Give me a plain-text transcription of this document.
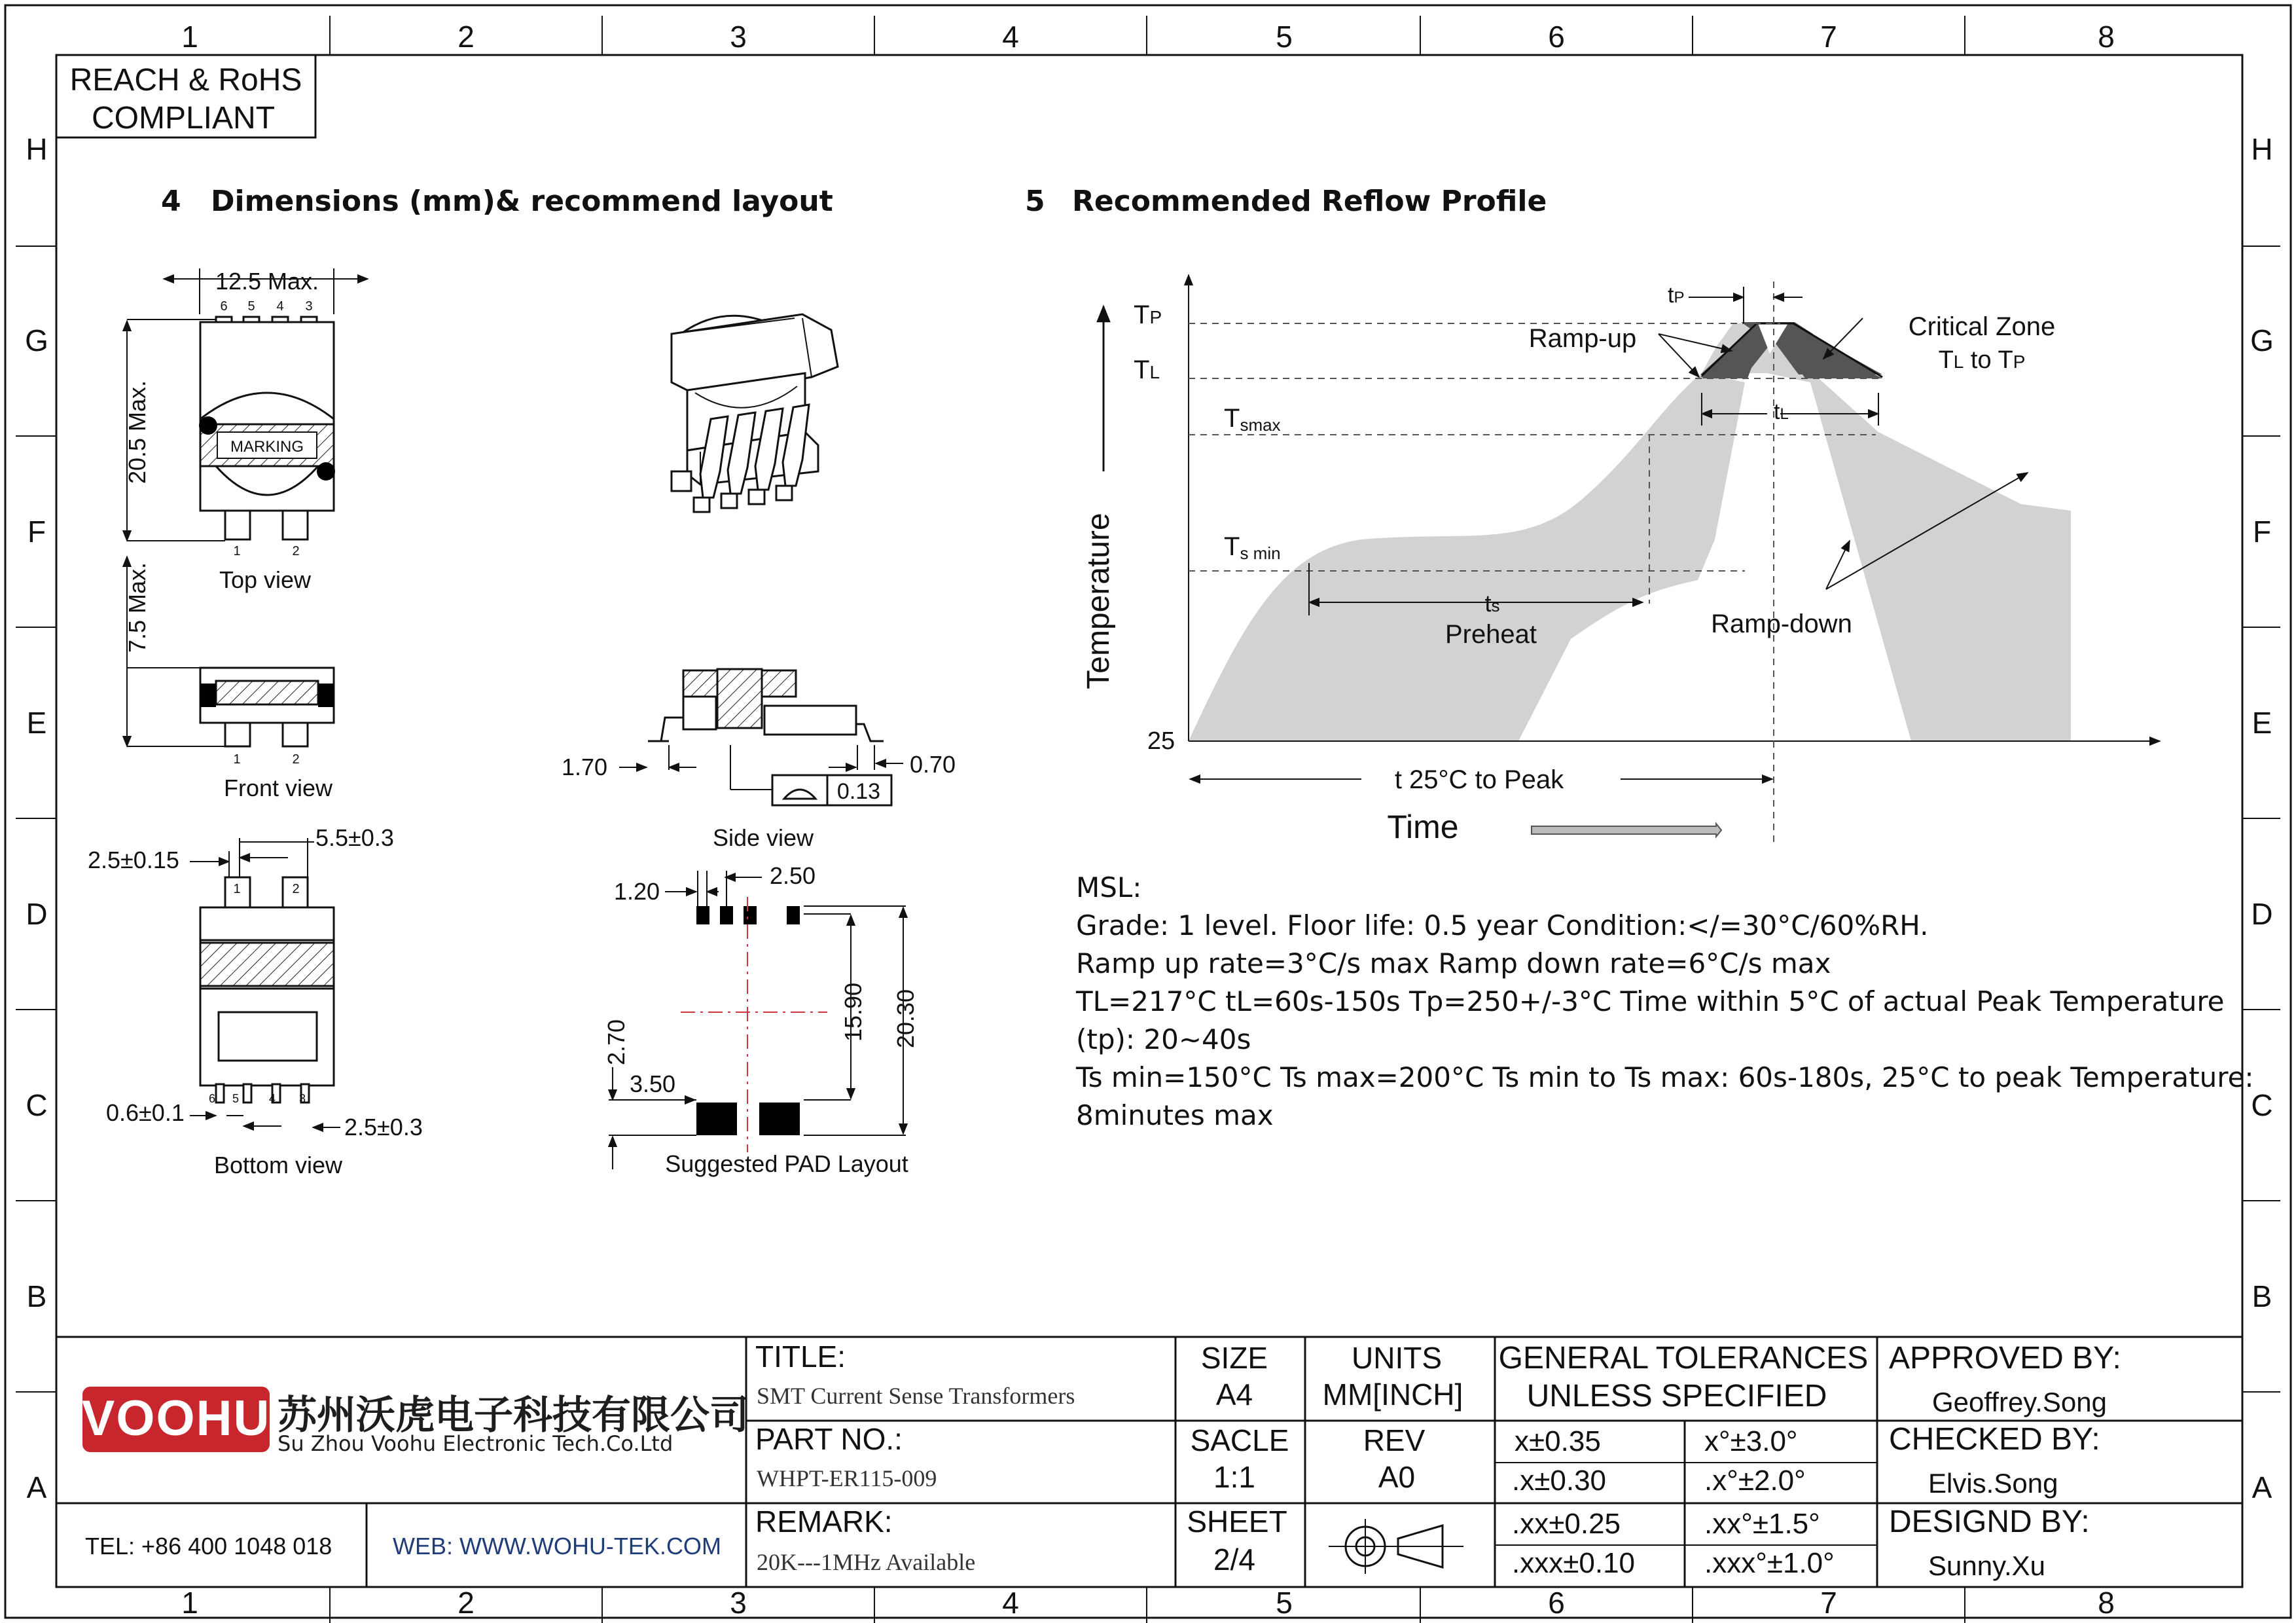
1	2	3	4	5	6	7	8
1	2	3	4	5	6	7	8
H
G
F
E
D
C
B
A
H
G
F
E
D
C
B
A
REACH & RoHS
COMPLIANT
4 Dimensions (mm)& recommend layout
12.5 Max.
6 5 4 3
MARKING
1	2
20.5 Max.
Top view
7.5 Max.
1	2
Front view
2.5±0.15
5.5±0.3
1	2
6 5	4 3
0.6±0.1
2.5±0.3
Bottom view
1.70	0.70
0.13
Side view
1.20
2.50
15.90 20.30
2.70
3.50
Suggested PAD Layout
5 Recommended Reflow Profile
TP
TL
Tsmax
Ts min
tP
tL
ts
Preheat
Ramp-up	Critical Zone
TL to TP
Ramp-down
Temperature
25
t 25°C to Peak
Time
MSL:
Grade: 1 level. Floor life: 0.5 year Condition:</=30°C/60%RH.
Ramp up rate=3°C/s max Ramp down rate=6°C/s max
TL=217°C tL=60s-150s Tp=250+/-3°C Time within 5°C of actual Peak Temperature
(tp): 20~40s
Ts min=150°C Ts max=200°C Ts min to Ts max: 60s-180s, 25°C to peak Temperature:
8minutes max
VOOHU 苏州沃虎电子科技有限公司
Su Zhou Voohu Electronic Tech.Co.Ltd
TEL: +86 400 1048 018	WEB: WWW.WOHU-TEK.COM
TITLE:
SMT Current Sense Transformers
PART NO.:
WHPT-ER115-009
REMARK:
20K---1MHz Available
SIZE
A4
UNITS
MM[INCH]
SACLE
1:1
REV
A0
SHEET
2/4
GENERAL TOLERANCES
UNLESS SPECIFIED
x±0.35	x°±3.0°
.x±0.30	.x°±2.0°
.xx±0.25	.xx°±1.5°
.xxx±0.10 .xxx°±1.0°
APPROVED BY:
Geoffrey.Song
CHECKED BY:
Elvis.Song
DESIGND BY:
Sunny.Xu
